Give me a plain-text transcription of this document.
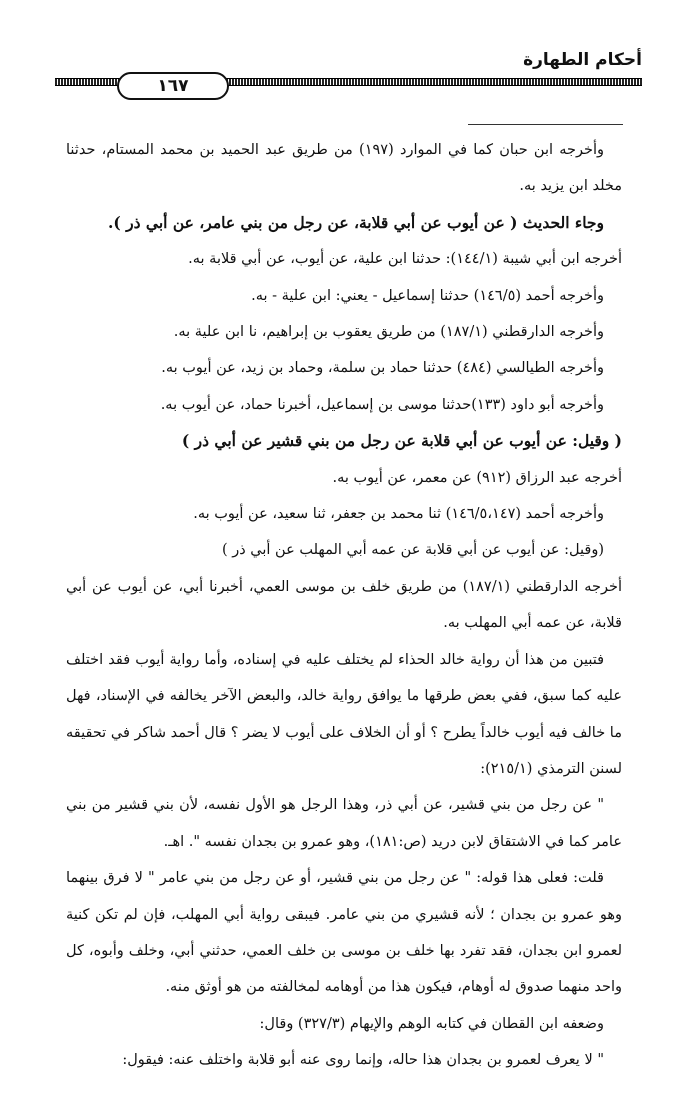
أحكام الطهارة
١٦٧

وأخرجه ابن حبان كما في الموارد (١٩٧) من طريق عبد الحميد بن محمد المستام، حدثنا مخلد ابن يزيد به.

وجاء الحديث ( عن أيوب عن أبي قلابة، عن رجل من بني عامر، عن أبي ذر ).

أخرجه ابن أبي شيبة (١٤٤/١): حدثنا ابن علية، عن أيوب، عن أبي قلابة به.

وأخرجه أحمد (١٤٦/٥) حدثنا إسماعيل - يعني: ابن علية - به.

وأخرجه الدارقطني (١٨٧/١) من طريق يعقوب بن إبراهيم، نا ابن علية به.

وأخرجه الطيالسي (٤٨٤) حدثنا حماد بن سلمة، وحماد بن زيد، عن أيوب به.

وأخرجه أبو داود (١٣٣)حدثنا موسى بن إسماعيل، أخبرنا حماد، عن أيوب به.

( وقيل: عن أيوب عن أبي قلابة عن رجل من بني قشير عن أبي ذر )

أخرجه عبد الرزاق (٩١٢) عن معمر، عن أيوب به.

وأخرجه أحمد (١٤٦/٥،١٤٧) ثنا محمد بن جعفر، ثنا سعيد، عن أيوب به.

(وقيل: عن أيوب عن أبي قلابة عن عمه أبي المهلب عن أبي ذر )

أخرجه الدارقطني (١٨٧/١) من طريق خلف بن موسى العمي، أخبرنا أبي، عن أيوب عن أبي قلابة، عن عمه أبي المهلب به.

فتبين من هذا أن رواية خالد الحذاء لم يختلف عليه في إسناده، وأما رواية أيوب فقد اختلف عليه كما سبق، ففي بعض طرقها ما يوافق رواية خالد، والبعض الآخر يخالفه في الإسناد، فهل ما خالف فيه أيوب خالداً يطرح ؟ أو أن الخلاف على أيوب لا يضر ؟ قال أحمد شاكر في تحقيقه لسنن الترمذي (٢١٥/١):

" عن رجل من بني قشير، عن أبي ذر، وهذا الرجل هو الأول نفسه، لأن بني قشير من بني عامر كما في الاشتقاق لابن دريد (ص:١٨١)، وهو عمرو بن بجدان نفسه ". اهـ.

قلت: فعلى هذا قوله: " عن رجل من بني قشير، أو عن رجل من بني عامر " لا فرق بينهما وهو عمرو بن بجدان ؛ لأنه قشيري من بني عامر. فيبقى رواية أبي المهلب، فإن لم تكن كنية لعمرو ابن بجدان، فقد تفرد بها خلف بن موسى بن خلف العمي، حدثني أبي، وخلف وأبوه، كل واحد منهما صدوق له أوهام، فيكون هذا من أوهامه لمخالفته من هو أوثق منه.

وضعفه ابن القطان في كتابه الوهم والإيهام (٣٢٧/٣) وقال:

" لا يعرف لعمرو بن بجدان هذا حاله، وإنما روى عنه أبو قلابة واختلف عنه: فيقول:
